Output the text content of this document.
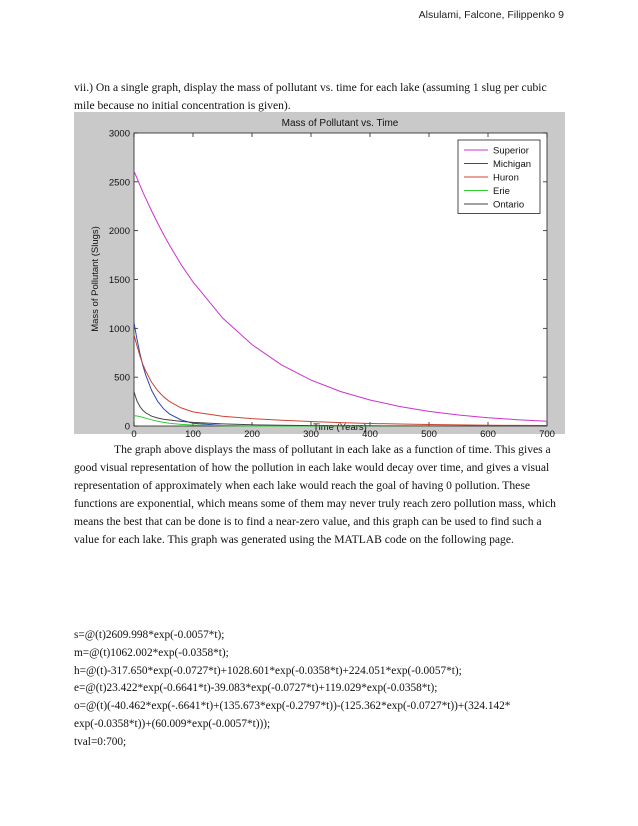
Alsulami, Falcone, Filippenko 9
vii.) On a single graph, display the mass of pollutant vs. time for each lake (assuming 1 slug per cubic mile because no initial concentration is given).
Mass of Pollutant vs. Time
Time (Years)
Mass of Pollutant (Slugs)
0	100	200	300	400	500	600	700
0
500
1000
1500
2000
2500
3000
Superior
Michigan
Huron
Erie
Ontario

The graph above displays the mass of pollutant in each lake as a function of time. This gives a good visual representation of how the pollution in each lake would decay over time, and gives a visual representation of approximately when each lake would reach the goal of having 0 pollution. These functions are exponential, which means some of them may never truly reach zero pollution mass, which means the best that can be done is to find a near-zero value, and this graph can be used to find such a value for each lake. This graph was generated using the MATLAB code on the following page.

s=@(t)2609.998*exp(-0.0057*t);
m=@(t)1062.002*exp(-0.0358*t);
h=@(t)-317.650*exp(-0.0727*t)+1028.601*exp(-0.0358*t)+224.051*exp(-0.0057*t);
e=@(t)23.422*exp(-0.6641*t)-39.083*exp(-0.0727*t)+119.029*exp(-0.0358*t);
o=@(t)(-40.462*exp(-.6641*t)+(135.673*exp(-0.2797*t))-(125.362*exp(-0.0727*t))+(324.142* exp(-0.0358*t))+(60.009*exp(-0.0057*t)));
tval=0:700;
